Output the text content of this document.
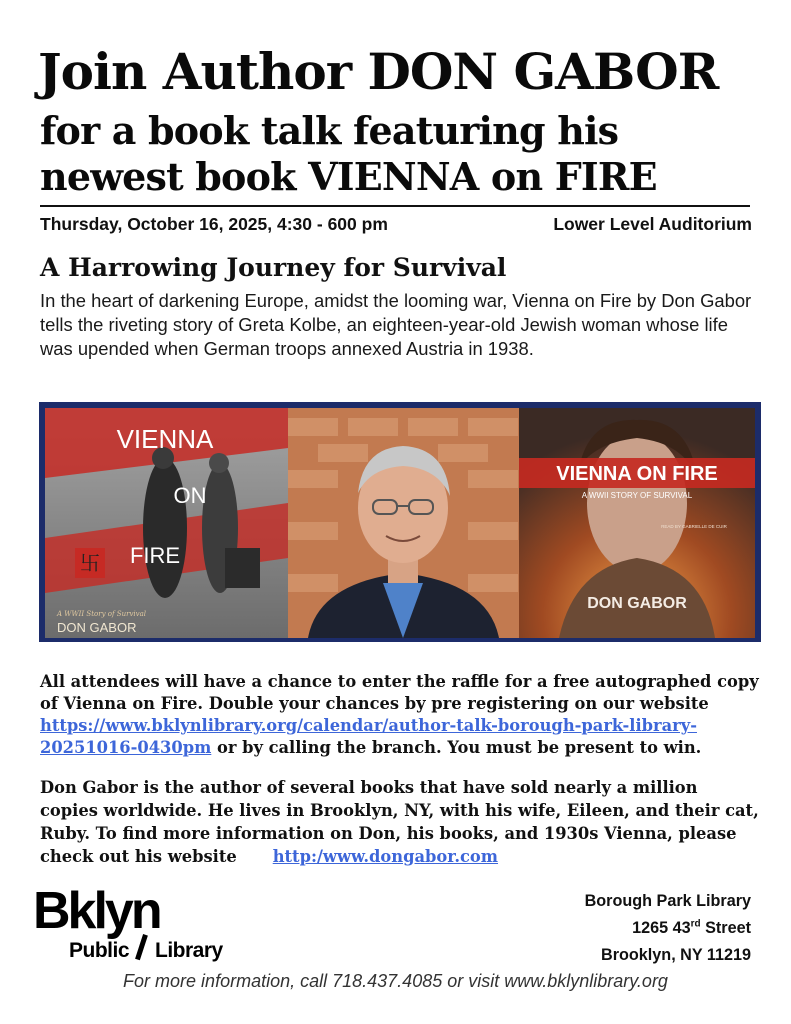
Join Author DON GABOR
for a book talk featuring his
newest book VIENNA on FIRE
Thursday, October 16, 2025, 4:30 - 600 pm	Lower Level Auditorium
A Harrowing Journey for Survival

In the heart of darkening Europe, amidst the looming war, Vienna on Fire by Don Gabor tells the riveting story of Greta Kolbe, an eighteen-year-old Jewish woman whose life was upended when German troops annexed Austria in 1938.

卐
VIENNA
ON
FIRE
A WWII Story of Survival
DON GABOR
VIENNA ON FIRE
A WWII STORY OF SURVIVAL
READ BY GABRIELLE DE CUIR
DON GABOR

All attendees will have a chance to enter the raffle for a free autographed copy of Vienna on Fire. Double your chances by pre registering on our website https://www.bklynlibrary.org/calendar/author-talk-borough-park-library-20251016-0430pm or by calling the branch. You must be present to win.

Don Gabor is the author of several books that have sold nearly a million copies worldwide. He lives in Brooklyn, NY, with his wife, Eileen, and their cat, Ruby. To find more information on Don, his books, and 1930s Vienna, please check out his website http:/www.dongabor.com

Bklyn
Public Library
Borough Park Library
1265 43rd Street
Brooklyn, NY 11219
For more information, call 718.437.4085 or visit www.bklynlibrary.org
